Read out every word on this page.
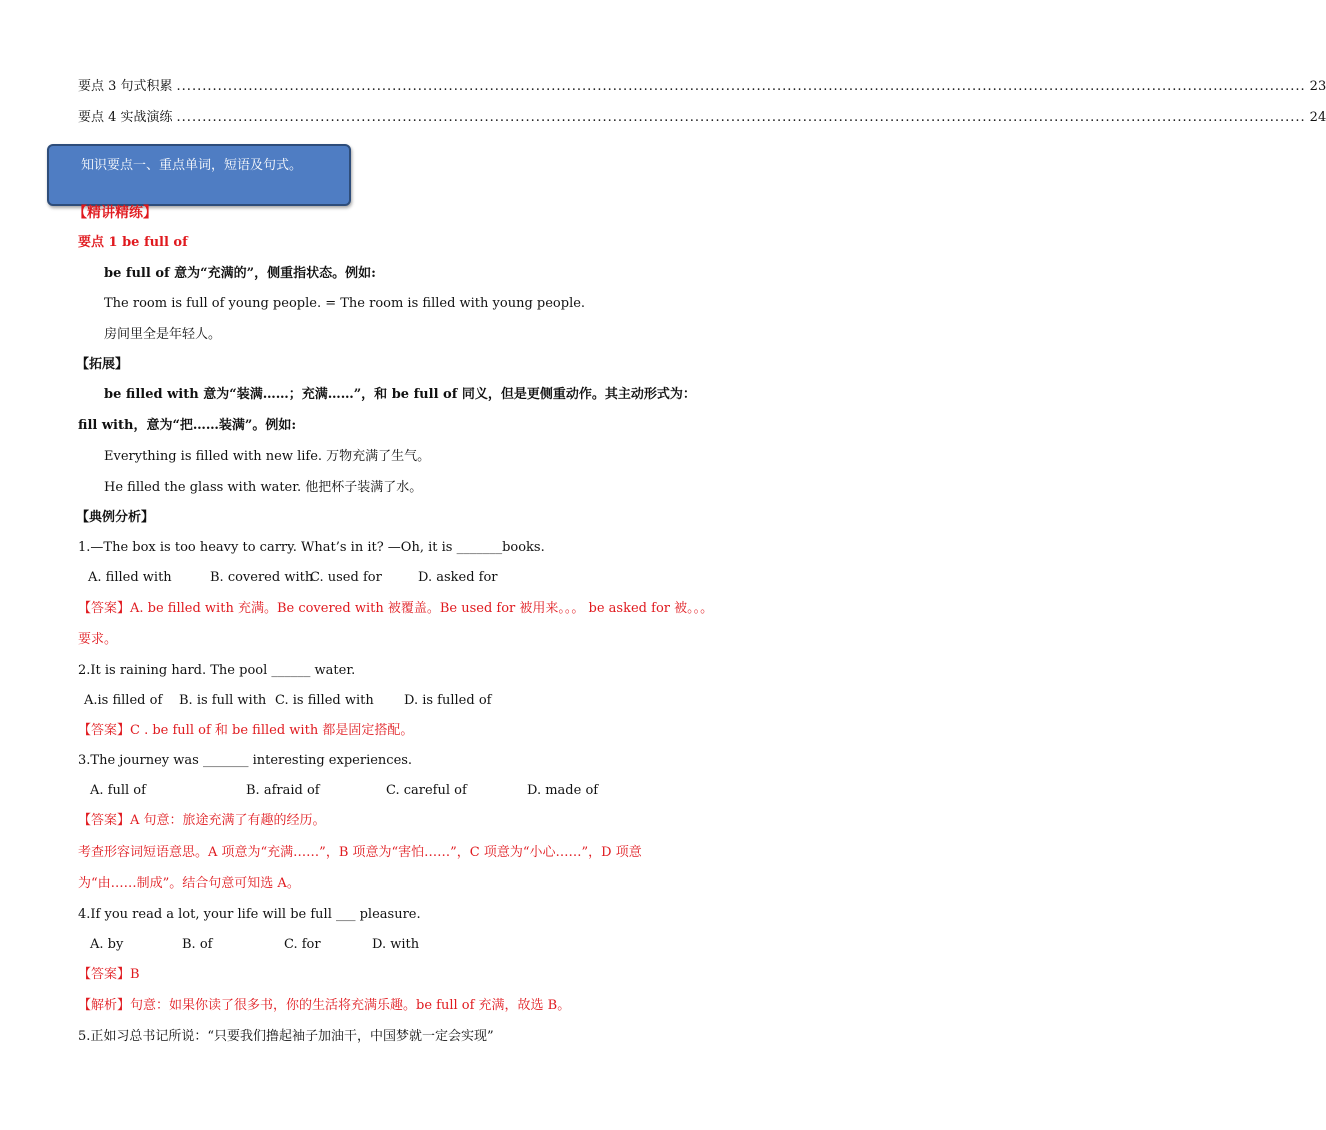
要点 3 句式积累 ............................................................................................................................................................................................................................ 23
要点 4 实战演练 ............................................................................................................................................................................................................................ 24
知识要点一、重点单词，短语及句式。
【精讲精练】
要点 1 be full of
be full of 意为“充满的”，侧重指状态。例如:
The room is full of young people. = The room is filled with young people.
房间里全是年轻人。
【拓展】
be filled with 意为“装满……；充满……”，和 be full of 同义，但是更侧重动作。其主动形式为：
fill with，意为“把……装满”。例如:
Everything is filled with new life. 万物充满了生气。
He filled the glass with water. 他把杯子装满了水。
【典例分析】
1.—The box is too heavy to carry. What’s in it? —Oh, it is _______books.
A. filled with	B. covered with
C. used for	D. asked for
【答案】A. be filled with 充满。Be covered with 被覆盖。Be used for 被用来。。。 be asked for 被。。。
要求。
2.It is raining hard. The pool ______ water.
A.is filled of B. is full with C. is filled with D. is fulled of
【答案】C . be full of 和 be filled with 都是固定搭配。
3.The journey was _______ interesting experiences.
A. full of	B. afraid of	C. careful of	D. made of
【答案】A 句意：旅途充满了有趣的经历。
考查形容词短语意思。A 项意为“充满……”，B 项意为“害怕……”，C 项意为“小心……”，D 项意
为“由……制成”。结合句意可知选 A。
4.If you read a lot, your life will be full ___ pleasure.
A. by	B. of	C. for	D. with
【答案】B
【解析】句意：如果你读了很多书，你的生活将充满乐趣。be full of 充满，故选 B。
5.正如习总书记所说：“只要我们撸起袖子加油干，中国梦就一定会实现”
